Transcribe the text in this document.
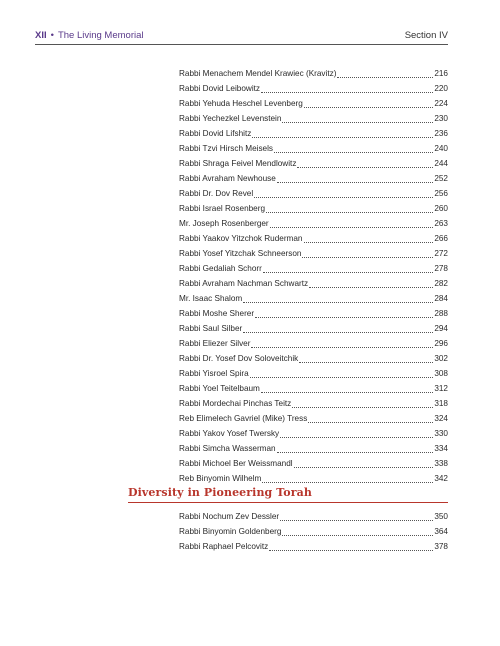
XII • The Living Memorial	Section IV
Rabbi Menachem Mendel Krawiec (Kravitz)	216
Rabbi Dovid Leibowitz	220
Rabbi Yehuda Heschel Levenberg	224
Rabbi Yechezkel Levenstein	230
Rabbi Dovid Lifshitz	236
Rabbi Tzvi Hirsch Meisels	240
Rabbi Shraga Feivel Mendlowitz	244
Rabbi Avraham Newhouse	252
Rabbi Dr. Dov Revel	256
Rabbi Israel Rosenberg	260
Mr. Joseph Rosenberger	263
Rabbi Yaakov Yitzchok Ruderman	266
Rabbi Yosef Yitzchak Schneerson	272
Rabbi Gedaliah Schorr	278
Rabbi Avraham Nachman Schwartz	282
Mr. Isaac Shalom	284
Rabbi Moshe Sherer	288
Rabbi Saul Silber	294
Rabbi Eliezer Silver	296
Rabbi Dr. Yosef Dov Soloveitchik	302
Rabbi Yisroel Spira	308
Rabbi Yoel Teitelbaum	312
Rabbi Mordechai Pinchas Teitz	318
Reb Elimelech Gavriel (Mike) Tress	324
Rabbi Yakov Yosef Twersky	330
Rabbi Simcha Wasserman	334
Rabbi Michoel Ber Weissmandl	338
Reb Binyomin Wilhelm	342
Diversity in Pioneering Torah
Rabbi Nochum Zev Dessler	350
Rabbi Binyomin Goldenberg	364
Rabbi Raphael Pelcovitz	378
